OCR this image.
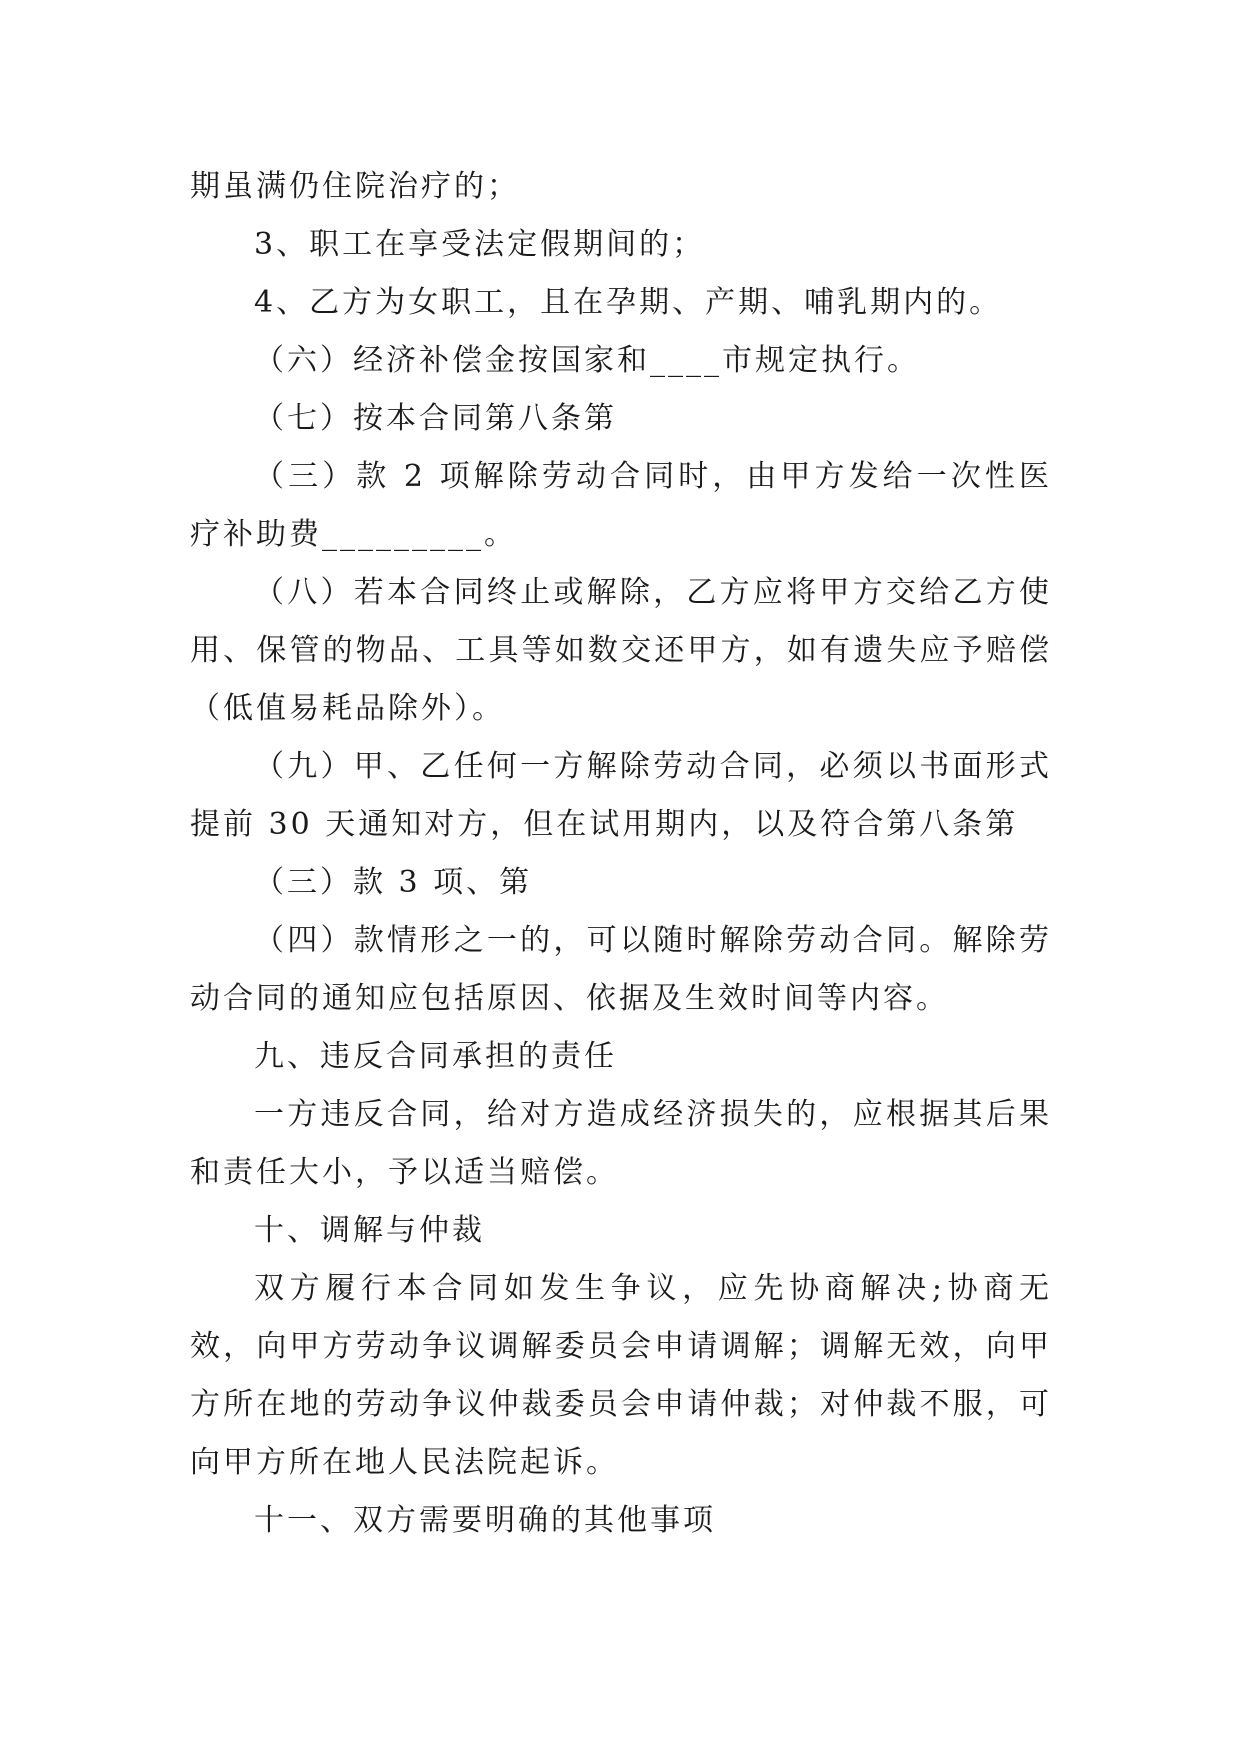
期虽满仍住院治疗的；

3、职工在享受法定假期间的；

4、乙方为女职工，且在孕期、产期、哺乳期内的。

（六）经济补偿金按国家和____市规定执行。

（七）按本合同第八条第

（三）款 2 项解除劳动合同时，由甲方发给一次性医疗补助费_________。

（八）若本合同终止或解除，乙方应将甲方交给乙方使用、保管的物品、工具等如数交还甲方，如有遗失应予赔偿（低值易耗品除外）。

（九）甲、乙任何一方解除劳动合同，必须以书面形式提前 30 天通知对方，但在试用期内，以及符合第八条第

（三）款 3 项、第

（四）款情形之一的，可以随时解除劳动合同。解除劳动合同的通知应包括原因、依据及生效时间等内容。

九、违反合同承担的责任

一方违反合同，给对方造成经济损失的，应根据其后果和责任大小，予以适当赔偿。

十、调解与仲裁

双方履行本合同如发生争议，应先协商解决;协商无效，向甲方劳动争议调解委员会申请调解；调解无效，向甲方所在地的劳动争议仲裁委员会申请仲裁；对仲裁不服，可向甲方所在地人民法院起诉。

十一、双方需要明确的其他事项
